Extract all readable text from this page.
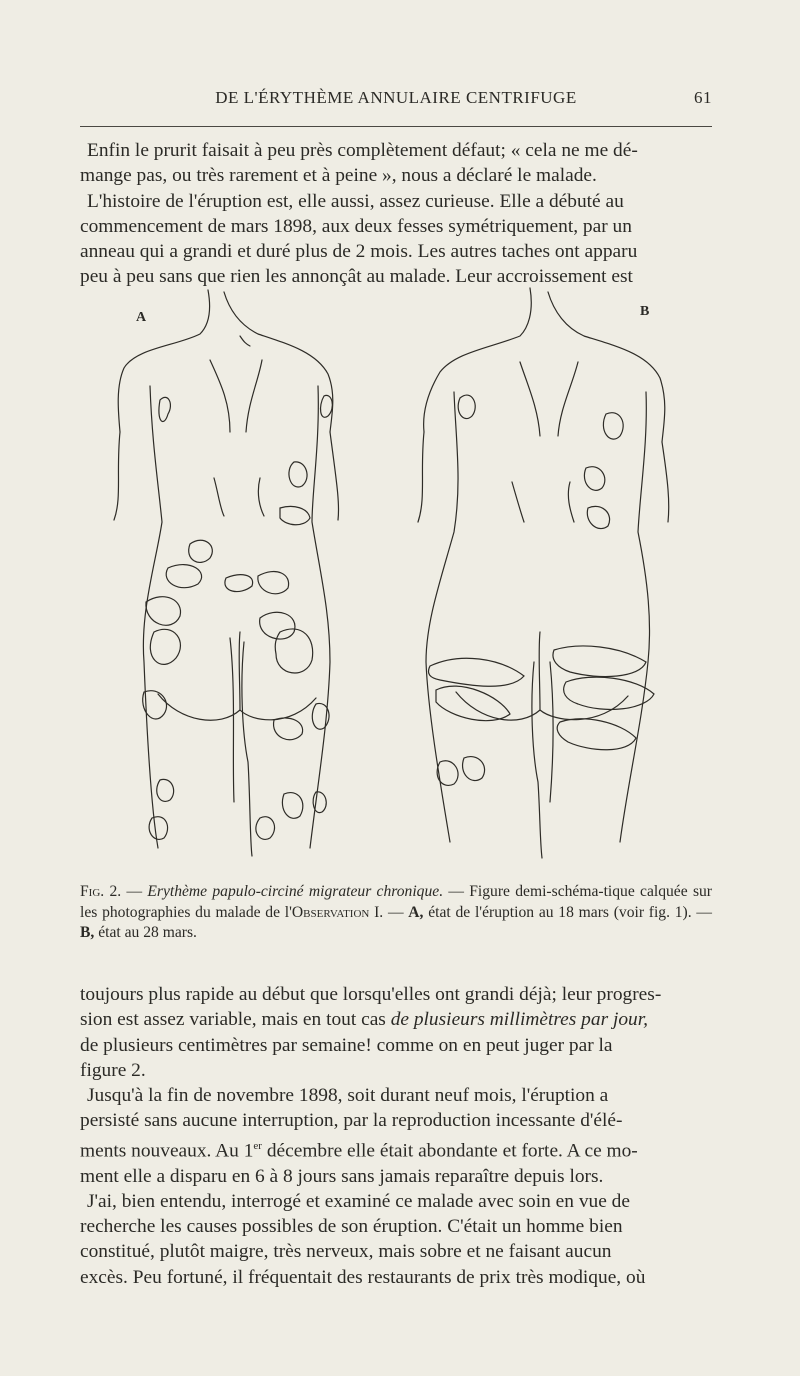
DE L'ÉRYTHÈME ANNULAIRE CENTRIFUGE	61
Enfin le prurit faisait à peu près complètement défaut; « cela ne me dé-
mange pas, ou très rarement et à peine », nous a déclaré le malade.
L'histoire de l'éruption est, elle aussi, assez curieuse. Elle a débuté au
commencement de mars 1898, aux deux fesses symétriquement, par un
anneau qui a grandi et duré plus de 2 mois. Les autres taches ont apparu
peu à peu sans que rien les annonçât au malade. Leur accroissement est
A	B

Fig. 2. — Erythème papulo-circiné migrateur chronique. — Figure demi-schéma-tique calquée sur les photographies du malade de l'Observation I. — A, état de l'éruption au 18 mars (voir fig. 1). — B, état au 28 mars.

toujours plus rapide au début que lorsqu'elles ont grandi déjà; leur progres-
sion est assez variable, mais en tout cas de plusieurs millimètres par jour,
de plusieurs centimètres par semaine! comme on en peut juger par la
figure 2.
Jusqu'à la fin de novembre 1898, soit durant neuf mois, l'éruption a
persisté sans aucune interruption, par la reproduction incessante d'élé-
ments nouveaux. Au 1er décembre elle était abondante et forte. A ce mo-
ment elle a disparu en 6 à 8 jours sans jamais reparaître depuis lors.
J'ai, bien entendu, interrogé et examiné ce malade avec soin en vue de
recherche les causes possibles de son éruption. C'était un homme bien
constitué, plutôt maigre, très nerveux, mais sobre et ne faisant aucun
excès. Peu fortuné, il fréquentait des restaurants de prix très modique, où
